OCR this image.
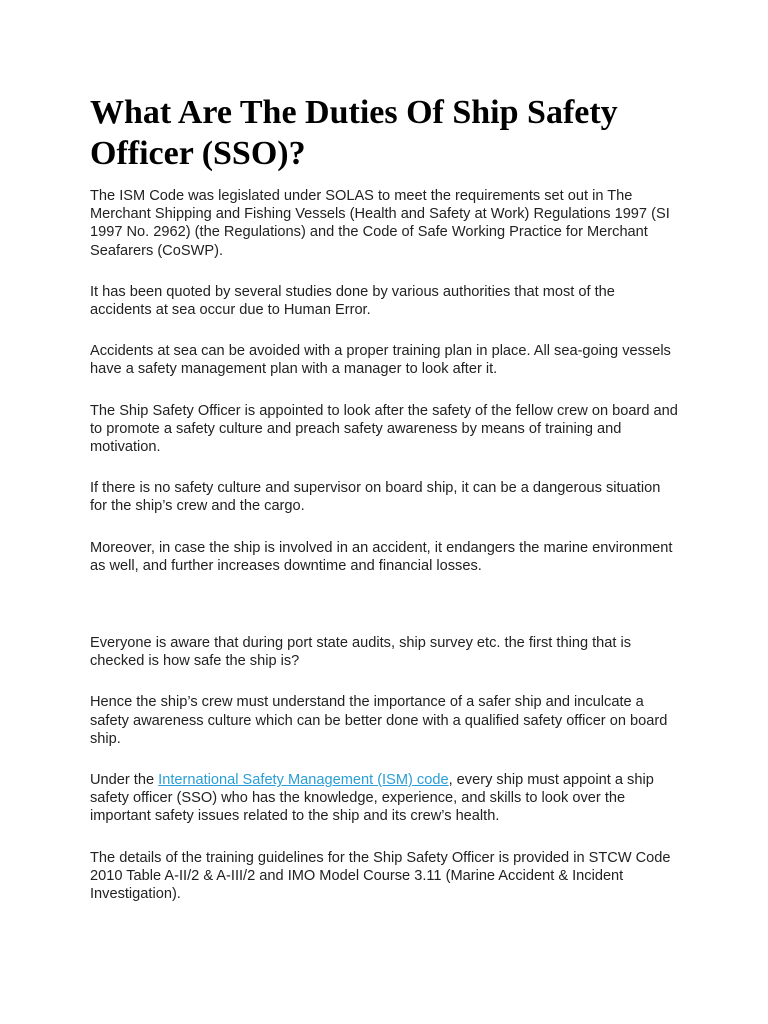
What Are The Duties Of Ship Safety Officer (SSO)?

The ISM Code was legislated under SOLAS to meet the requirements set out in The Merchant Shipping and Fishing Vessels (Health and Safety at Work) Regulations 1997 (SI 1997 No. 2962) (the Regulations) and the Code of Safe Working Practice for Merchant Seafarers (CoSWP).

It has been quoted by several studies done by various authorities that most of the accidents at sea occur due to Human Error.

Accidents at sea can be avoided with a proper training plan in place. All sea-going vessels have a safety management plan with a manager to look after it.

The Ship Safety Officer is appointed to look after the safety of the fellow crew on board and to promote a safety culture and preach safety awareness by means of training and motivation.

If there is no safety culture and supervisor on board ship, it can be a dangerous situation for the ship’s crew and the cargo.

Moreover, in case the ship is involved in an accident, it endangers the marine environment as well, and further increases downtime and financial losses.

Everyone is aware that during port state audits, ship survey etc. the first thing that is checked is how safe the ship is?

Hence the ship’s crew must understand the importance of a safer ship and inculcate a safety awareness culture which can be better done with a qualified safety officer on board ship.

Under the International Safety Management (ISM) code, every ship must appoint a ship safety officer (SSO) who has the knowledge, experience, and skills to look over the important safety issues related to the ship and its crew’s health.

The details of the training guidelines for the Ship Safety Officer is provided in STCW Code 2010 Table A-II/2 & A-III/2 and IMO Model Course 3.11 (Marine Accident & Incident Investigation).
